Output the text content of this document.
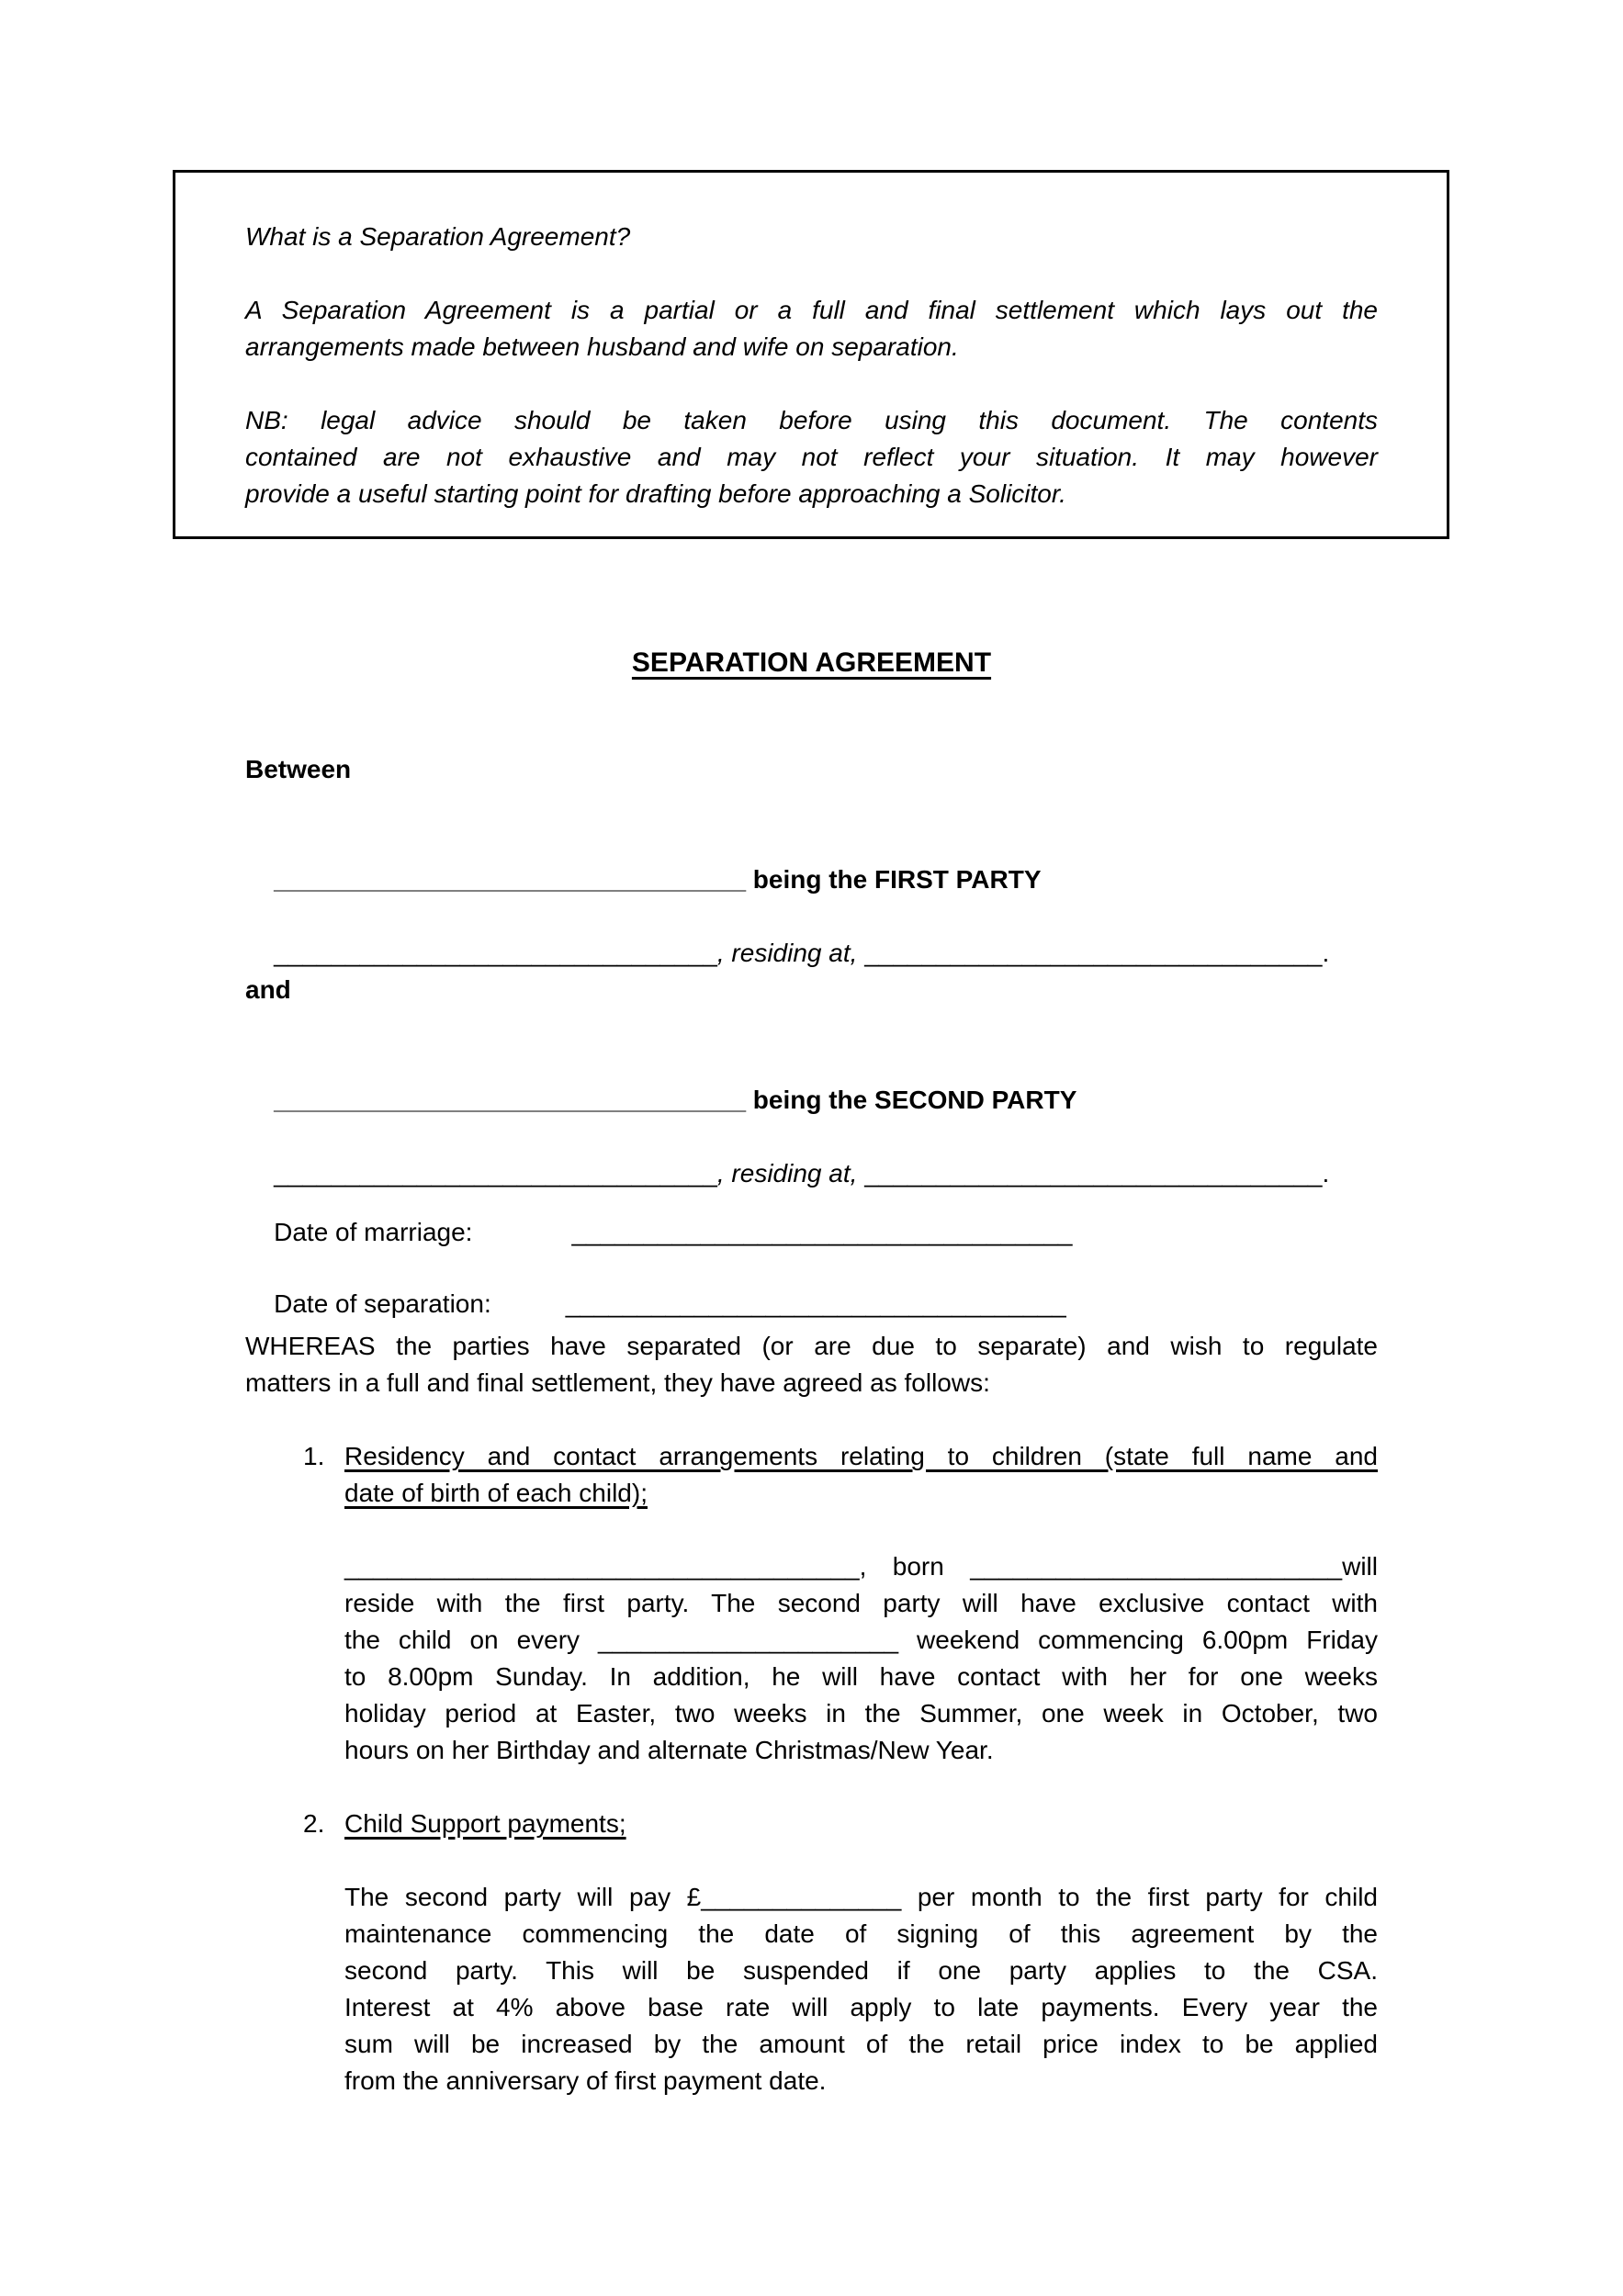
What is a Separation Agreement?

A Separation Agreement is a partial or a full and final settlement which lays out the
arrangements made between husband and wife on separation.

NB: legal advice should be taken before using this document. The contents
contained are not exhaustive and may not reflect your situation. It may however
provide a useful starting point for drafting before approaching a Solicitor.

SEPARATION AGREEMENT
Between

_________________________________ being the FIRST PARTY

_______________________________, residing at, ________________________________.

and

_________________________________ being the SECOND PARTY

_______________________________, residing at, ________________________________.

Date of marriage:	___________________________________

Date of separation:	___________________________________

WHEREAS the parties have separated (or are due to separate) and wish to regulate
matters in a full and final settlement, they have agreed as follows:
1. Residency and contact arrangements relating to children (state full name and
date of birth of each child);
____________________________________, born __________________________will
reside with the first party. The second party will have exclusive contact with
the child on every _____________________ weekend commencing 6.00pm Friday
to 8.00pm Sunday. In addition, he will have contact with her for one weeks
holiday period at Easter, two weeks in the Summer, one week in October, two
hours on her Birthday and alternate Christmas/New Year.
2. Child Support payments;
The second party will pay £______________ per month to the first party for child
maintenance commencing the date of signing of this agreement by the
second party. This will be suspended if one party applies to the CSA.
Interest at 4% above base rate will apply to late payments. Every year the
sum will be increased by the amount of the retail price index to be applied
from the anniversary of first payment date.
